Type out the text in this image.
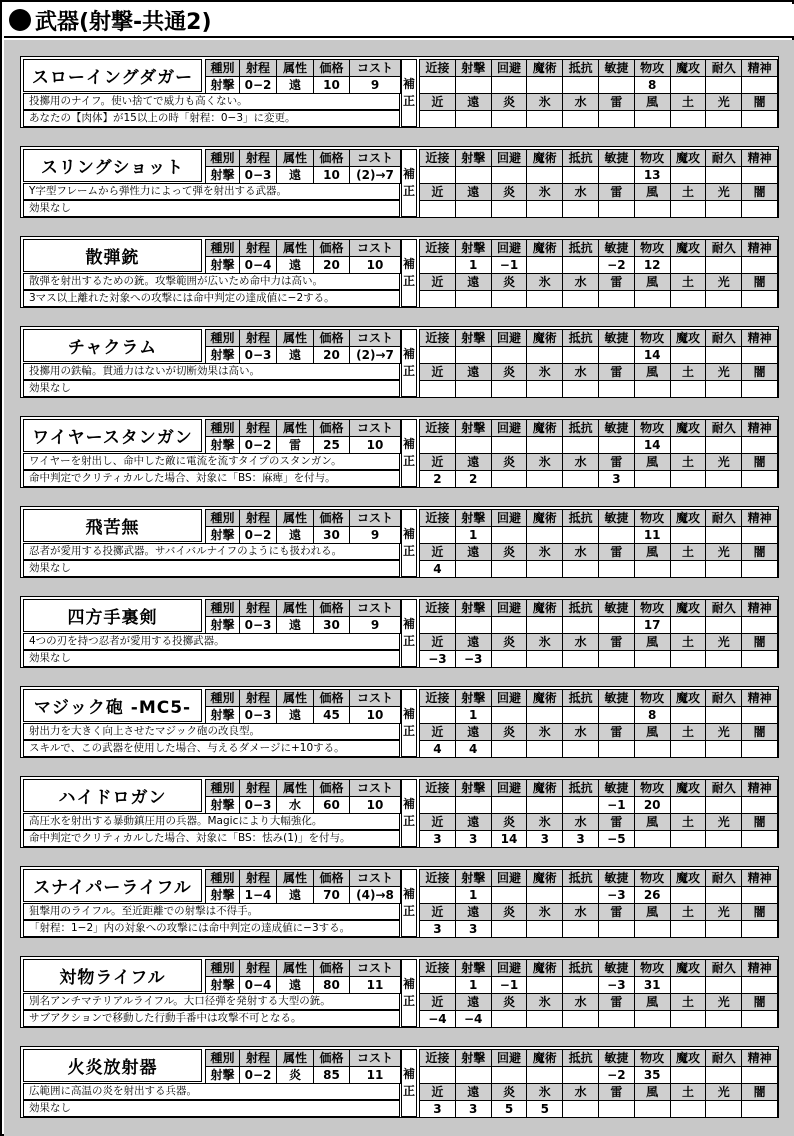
武器(射撃-共通2)
スローイングダガー
種別	射程	属性	価格	コスト
射撃	0−2	遠	10	9
投擲用のナイフ。使い捨てで威力も高くない。
あなたの【肉体】が15以上の時「射程：0−3」に変更。
補
正
近接	射撃	回避	魔術	抵抗	敏捷	物攻	魔攻	耐久	精神
						8			
近	遠	炎	氷	水	雷	風	土	光	闇

スリングショット
種別	射程	属性	価格	コスト
射撃	0−3	遠	10	(2)→7
Y字型フレームから弾性力によって弾を射出する武器。
効果なし
補
正
近接	射撃	回避	魔術	抵抗	敏捷	物攻	魔攻	耐久	精神
						13			
近	遠	炎	氷	水	雷	風	土	光	闇

散弾銃
種別	射程	属性	価格	コスト
射撃	0−4	遠	20	10
散弾を射出するための銃。攻撃範囲が広いため命中力は高い。
3マス以上離れた対象への攻撃には命中判定の達成値に−2する。
補
正
近接	射撃	回避	魔術	抵抗	敏捷	物攻	魔攻	耐久	精神
	1	−1			−2	12			
近	遠	炎	氷	水	雷	風	土	光	闇

チャクラム
種別	射程	属性	価格	コスト
射撃	0−3	遠	20	(2)→7
投擲用の鉄輪。貫通力はないが切断効果は高い。
効果なし
補
正
近接	射撃	回避	魔術	抵抗	敏捷	物攻	魔攻	耐久	精神
						14			
近	遠	炎	氷	水	雷	風	土	光	闇

ワイヤースタンガン
種別	射程	属性	価格	コスト
射撃	0−2	雷	25	10
ワイヤーを射出し、命中した敵に電流を流すタイプのスタンガン。
命中判定でクリティカルした場合、対象に「BS：麻痺」を付与。
補
正
近接	射撃	回避	魔術	抵抗	敏捷	物攻	魔攻	耐久	精神
						14			
近	遠	炎	氷	水	雷	風	土	光	闇
2	2				3				
飛苦無
種別	射程	属性	価格	コスト
射撃	0−2	遠	30	9
忍者が愛用する投擲武器。サバイバルナイフのようにも扱われる。
効果なし
補
正
近接	射撃	回避	魔術	抵抗	敏捷	物攻	魔攻	耐久	精神
	1					11			
近	遠	炎	氷	水	雷	風	土	光	闇
4									
四方手裏剣
種別	射程	属性	価格	コスト
射撃	0−3	遠	30	9
4つの刃を持つ忍者が愛用する投擲武器。
効果なし
補
正
近接	射撃	回避	魔術	抵抗	敏捷	物攻	魔攻	耐久	精神
						17			
近	遠	炎	氷	水	雷	風	土	光	闇
−3	−3								
マジック砲 -MC5-
種別	射程	属性	価格	コスト
射撃	0−3	遠	45	10
射出力を大きく向上させたマジック砲の改良型。
スキルで、この武器を使用した場合、与えるダメージに+10する。
補
正
近接	射撃	回避	魔術	抵抗	敏捷	物攻	魔攻	耐久	精神
	1					8			
近	遠	炎	氷	水	雷	風	土	光	闇
4	4								
ハイドロガン
種別	射程	属性	価格	コスト
射撃	0−3	水	60	10
高圧水を射出する暴動鎮圧用の兵器。Magicにより大幅強化。
命中判定でクリティカルした場合、対象に「BS：怯み(1)」を付与。
補
正
近接	射撃	回避	魔術	抵抗	敏捷	物攻	魔攻	耐久	精神
					−1	20			
近	遠	炎	氷	水	雷	風	土	光	闇
3	3	14	3	3	−5				
スナイパーライフル
種別	射程	属性	価格	コスト
射撃	1−4	遠	70	(4)→8
狙撃用のライフル。至近距離での射撃は不得手。
「射程：1−2」内の対象への攻撃には命中判定の達成値に−3する。
補
正
近接	射撃	回避	魔術	抵抗	敏捷	物攻	魔攻	耐久	精神
	1				−3	26			
近	遠	炎	氷	水	雷	風	土	光	闇
3	3								
対物ライフル
種別	射程	属性	価格	コスト
射撃	0−4	遠	80	11
別名アンチマテリアルライフル。大口径弾を発射する大型の銃。
サブアクションで移動した行動手番中は攻撃不可となる。
補
正
近接	射撃	回避	魔術	抵抗	敏捷	物攻	魔攻	耐久	精神
	1	−1			−3	31			
近	遠	炎	氷	水	雷	風	土	光	闇
−4	−4								
火炎放射器
種別	射程	属性	価格	コスト
射撃	0−2	炎	85	11
広範囲に高温の炎を射出する兵器。
効果なし
補
正
近接	射撃	回避	魔術	抵抗	敏捷	物攻	魔攻	耐久	精神
					−2	35			
近	遠	炎	氷	水	雷	風	土	光	闇
3	3	5	5						
